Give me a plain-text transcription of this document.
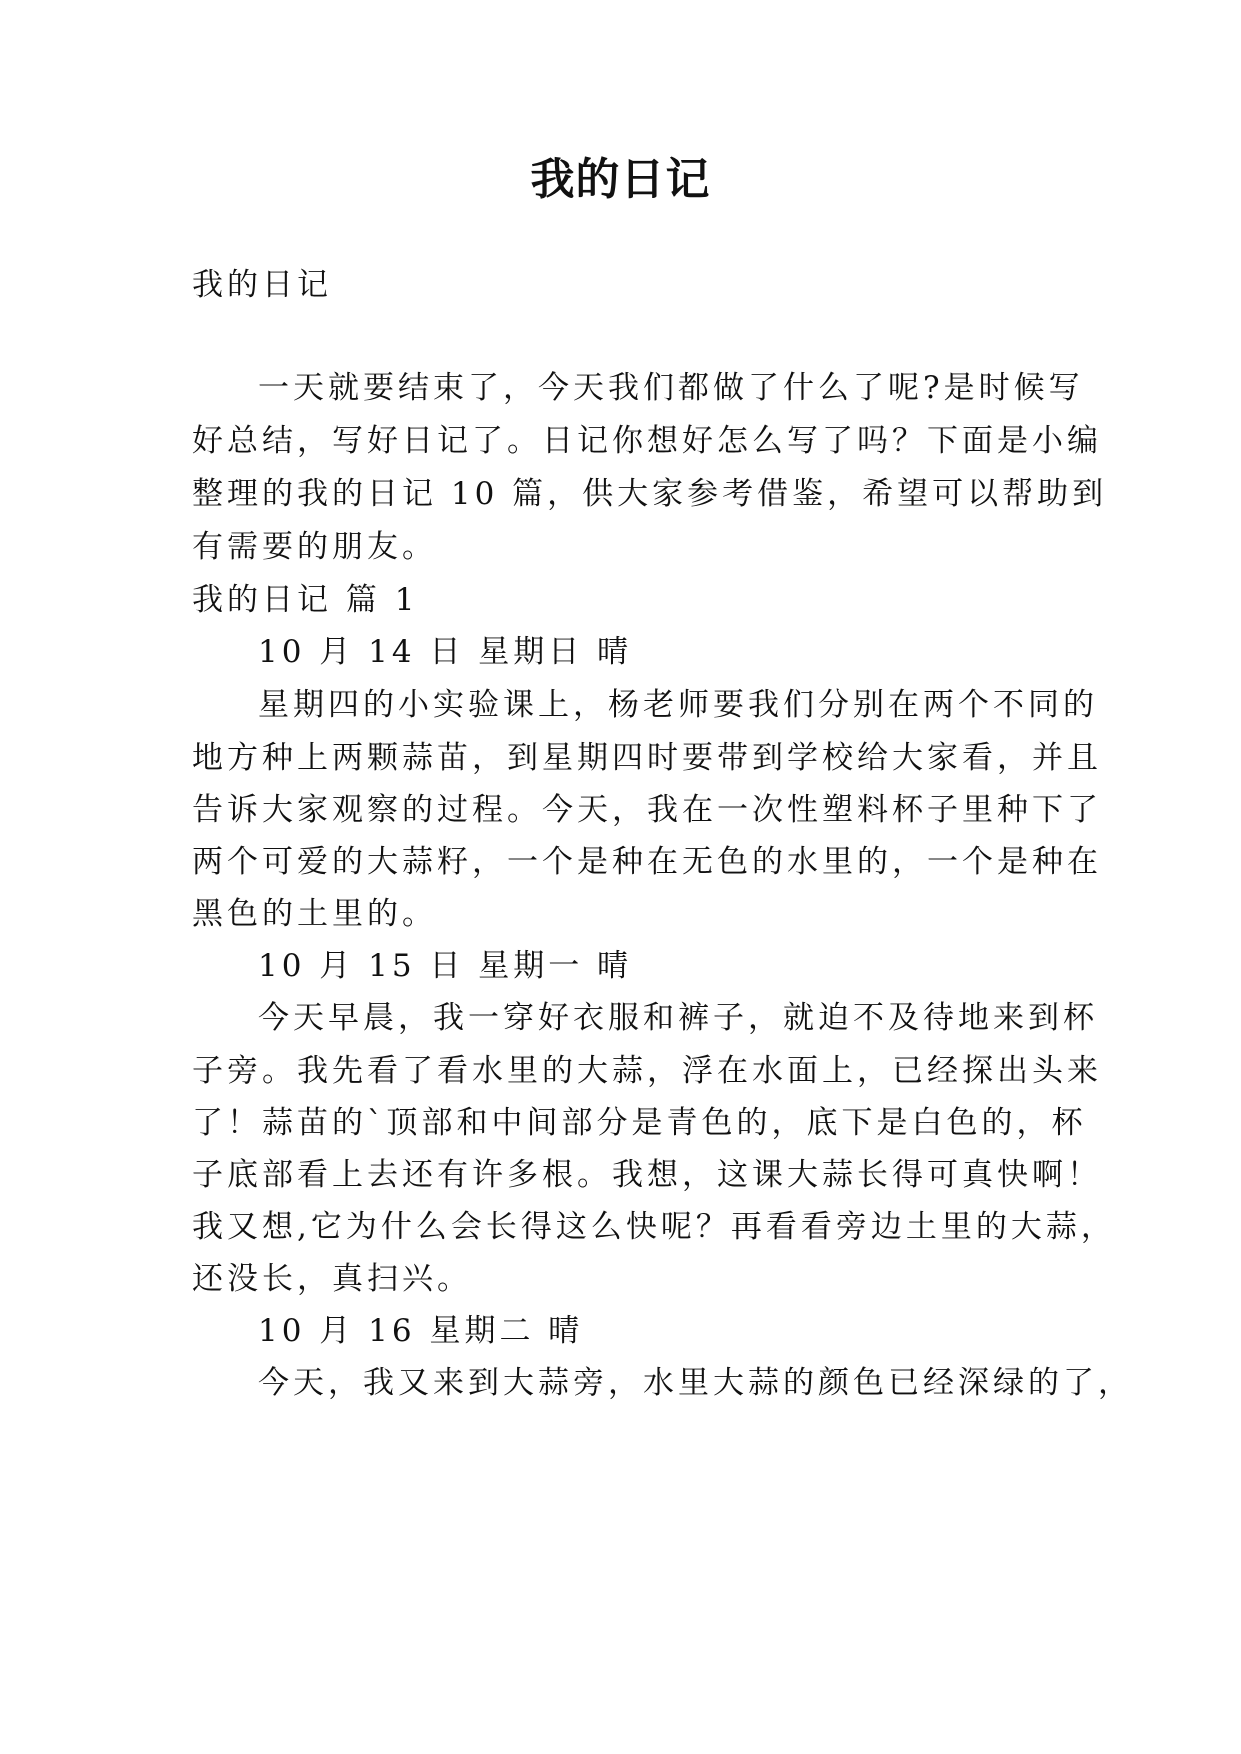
我的日记
我的日记
一天就要结束了，今天我们都做了什么了呢?是时候写
好总结，写好日记了。日记你想好怎么写了吗？下面是小编
整理的我的日记 10 篇，供大家参考借鉴，希望可以帮助到
有需要的朋友。
我的日记 篇 1
10 月 14 日 星期日 晴
星期四的小实验课上，杨老师要我们分别在两个不同的
地方种上两颗蒜苗，到星期四时要带到学校给大家看，并且
告诉大家观察的过程。今天，我在一次性塑料杯子里种下了
两个可爱的大蒜籽，一个是种在无色的水里的，一个是种在
黑色的土里的。
10 月 15 日 星期一 晴
今天早晨，我一穿好衣服和裤子，就迫不及待地来到杯
子旁。我先看了看水里的大蒜，浮在水面上，已经探出头来
了！蒜苗的`顶部和中间部分是青色的，底下是白色的，杯
子底部看上去还有许多根。我想，这课大蒜长得可真快啊！
我又想,它为什么会长得这么快呢？再看看旁边土里的大蒜，
还没长，真扫兴。
10 月 16 星期二 晴
今天，我又来到大蒜旁，水里大蒜的颜色已经深绿的了，
